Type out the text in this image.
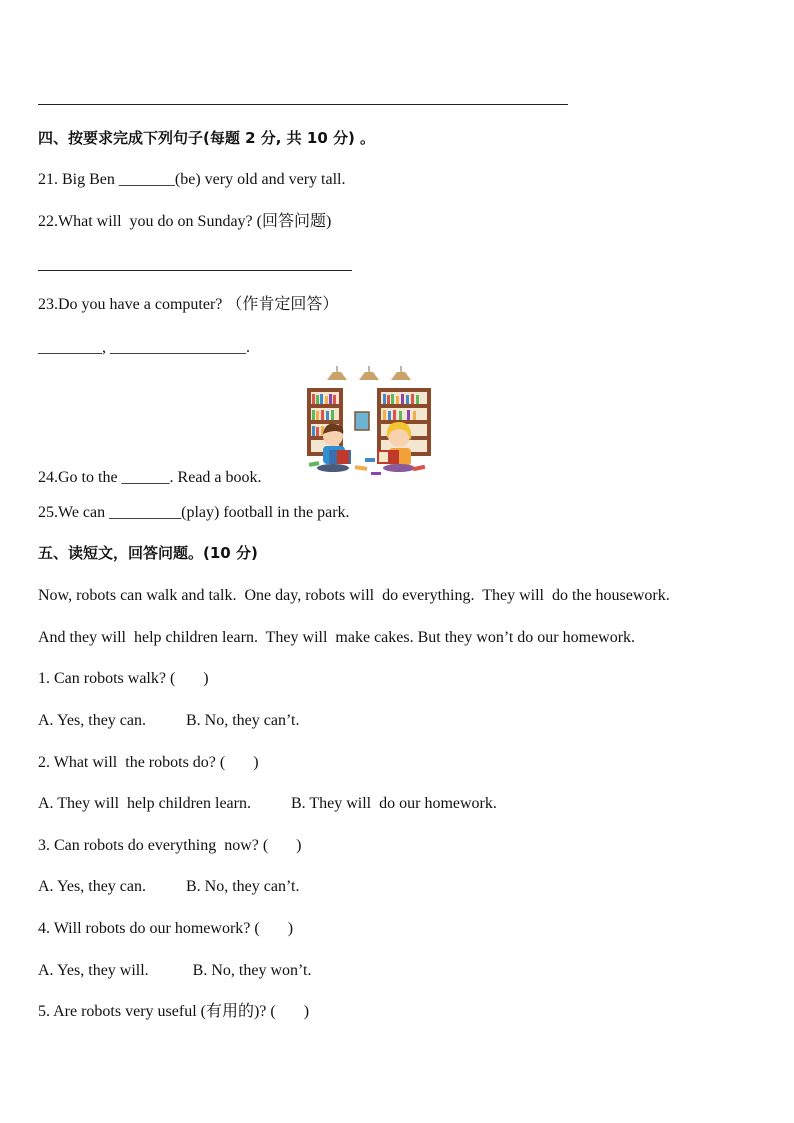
四、按要求完成下列句子(每题 2 分, 共 10 分) 。
21. Big Ben _______(be) very old and very tall.
22.What will  you do on Sunday? (回答问题)
23.Do you have a computer? （作肯定回答）
________, _________________.
24.Go to the ______. Read a book.
25.We can _________(play) football in the park.
五、读短文，回答问题。(10 分)
Now, robots can walk and talk.  One day, robots will  do everything.  They will  do the housework.
And they will  help children learn.  They will  make cakes. But they won’t do our homework.
1. Can robots walk? (       )
A. Yes, they can.          B. No, they can’t.
2. What will  the robots do? (       )
A. They will  help children learn.          B. They will  do our homework.
3. Can robots do everything  now? (       )
A. Yes, they can.          B. No, they can’t.
4. Will robots do our homework? (       )
A. Yes, they will.           B. No, they won’t.
5. Are robots very useful (有用的)? (       )
